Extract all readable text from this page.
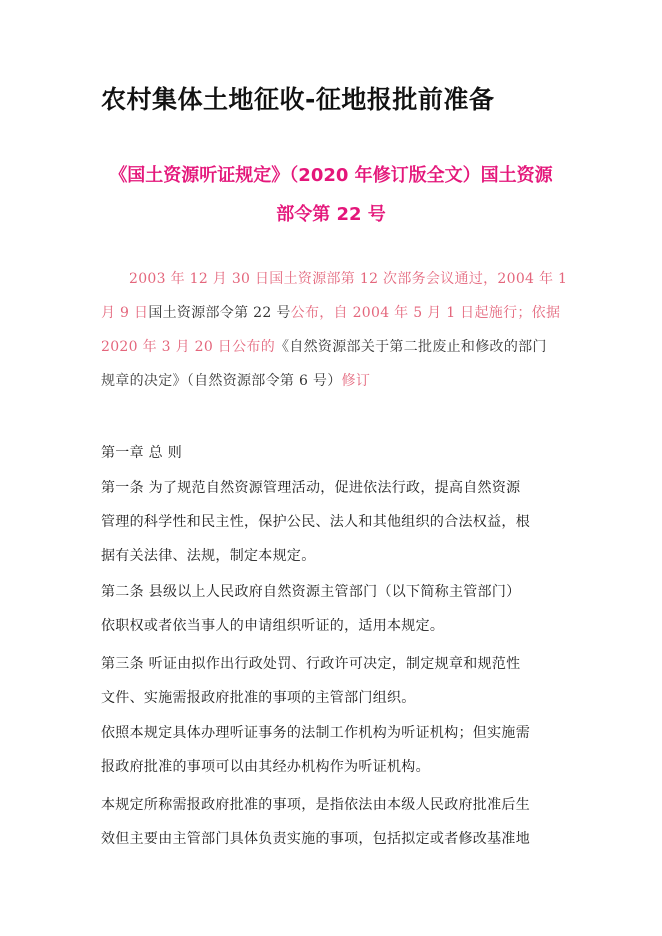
农村集体土地征收-征地报批前准备
《国土资源听证规定》（2020 年修订版全文）国土资源
部令第 22 号
2003 年 12 月 30 日国土资源部第 12 次部务会议通过，2004 年 1
月 9 日国土资源部令第 22 号公布，自 2004 年 5 月 1 日起施行；依据
2020 年 3 月 20 日公布的《自然资源部关于第二批废止和修改的部门
规章的决定》（自然资源部令第 6 号）修订
第一章 总 则
第一条 为了规范自然资源管理活动，促进依法行政，提高自然资源
管理的科学性和民主性，保护公民、法人和其他组织的合法权益，根
据有关法律、法规，制定本规定。
第二条 县级以上人民政府自然资源主管部门（以下简称主管部门）
依职权或者依当事人的申请组织听证的，适用本规定。
第三条 听证由拟作出行政处罚、行政许可决定，制定规章和规范性
文件、实施需报政府批准的事项的主管部门组织。
依照本规定具体办理听证事务的法制工作机构为听证机构；但实施需
报政府批准的事项可以由其经办机构作为听证机构。
本规定所称需报政府批准的事项，是指依法由本级人民政府批准后生
效但主要由主管部门具体负责实施的事项，包括拟定或者修改基准地
